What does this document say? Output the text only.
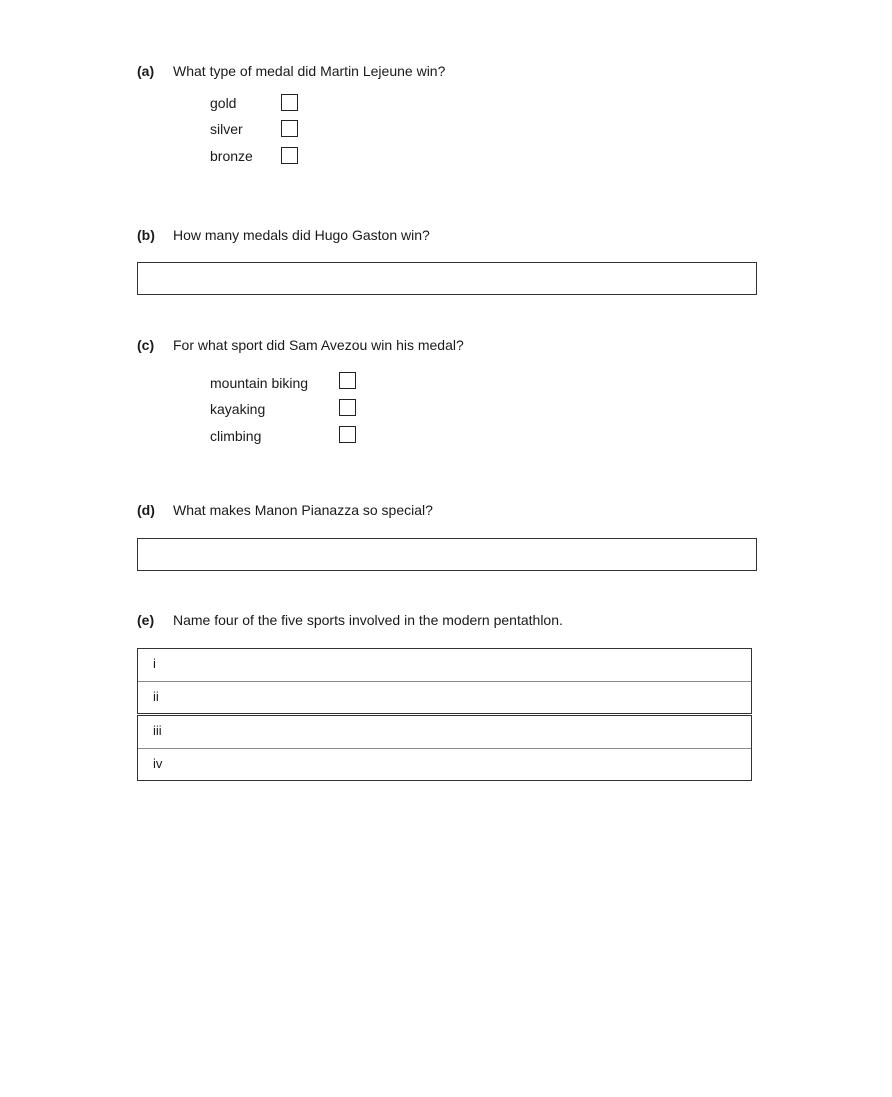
(a) What type of medal did Martin Lejeune win?
gold
silver
bronze
(b) How many medals did Hugo Gaston win?
(c) For what sport did Sam Avezou win his medal?
mountain biking
kayaking
climbing
(d) What makes Manon Pianazza so special?
(e) Name four of the five sports involved in the modern pentathlon.
i
ii
iii
iv
